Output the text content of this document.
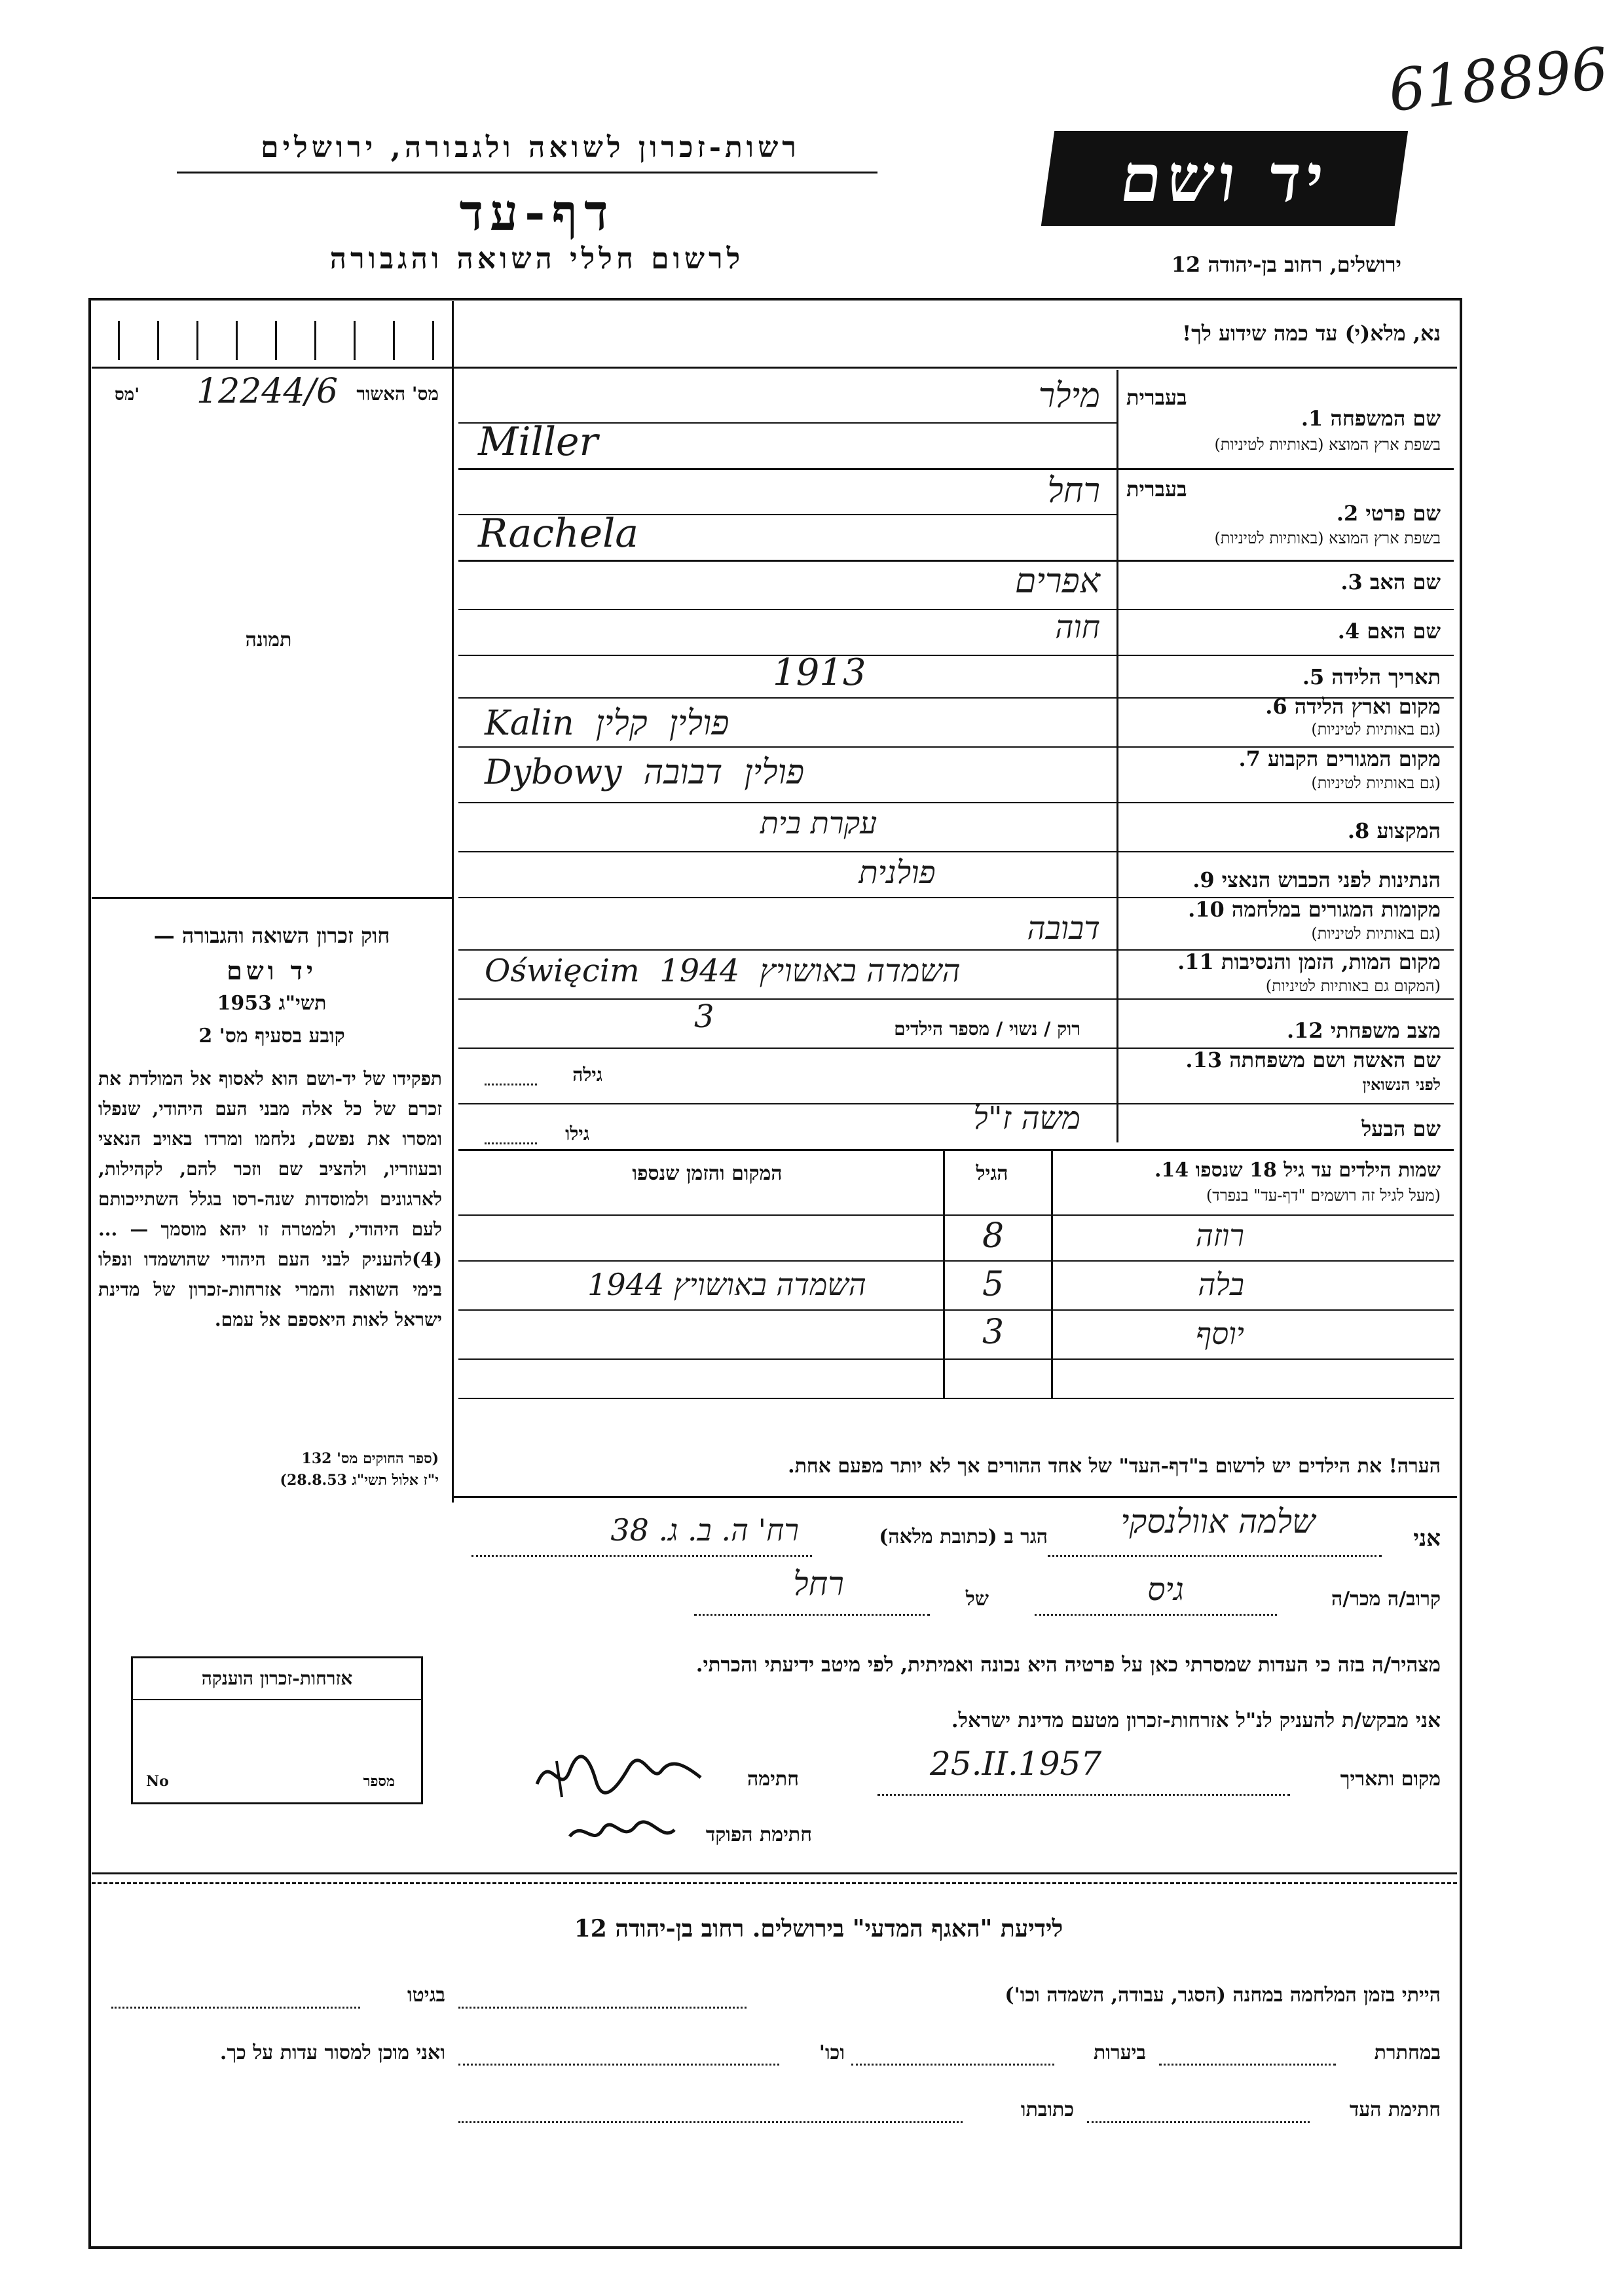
618896
רשות-זכרון לשואה ולגבורה, ירושלים
דף-עד
לרשום חללי השואה והגבורה
יד ושם
ירושלים, רחוב בן-יהודה 12
נא, מלא(י) עד כמה שידוע לך!
מס' האשור
12244/6
מס'
תמונה
שם המשפחה 1.
בשפת ארץ המוצא (באותיות לטיניות)
בעברית
מילר
Miller
בעברית
שם פרטי 2.
בשפת ארץ המוצא (באותיות לטיניות)
רחל
Rachela
שם האב 3.
אפרים
שם האם 4.
חוה
תאריך הלידה 5.
1913
מקום וארץ הלידה 6.
(גם באותיות לטיניות)
Kalin  פולין  קלין
מקום המגורים הקבוע 7.
(גם באותיות לטיניות)
Dybowy  פולין  דבובה
המקצוע 8.
עקרת בית
הנתינות לפני הכבוש הנאצי 9.
פולנית
מקומות המגורים במלחמה 10.
(גם באותיות לטיניות)
דבובה
מקום המות, הזמן והנסיבות 11.
(המקום גם באותיות לטיניות)
Oświęcim  1944  השמדה באושויץ
מצב משפחתי 12.
רוק / נשוי / מספר הילדים
3
שם האשה ושם משפחתה 13.
לפני הנשואין
גילה
שם הבעל
משה ז"ל
גילו
שמות הילדים עד גיל 18 שנספו 14.
(מעל לגיל זה רושמים "דף-עד" בנפרד)
הגיל
המקום והזמן שנספו
רוזה
8
בלה
5
השמדה באושויץ 1944
יוסף
3
הערה! את הילדים יש לרשום ב"דף-העד" של אחד ההורים אך לא יותר מפעם אחת.
חוק זכרון השואה והגבורה —
יד ושם
תשי"ג 1953
קובע בסעיף מס' 2
תפקידו של יד-ושם הוא לאסוף אל המולדת את זכרם של כל אלה מבני העם היהודי, שנפלו ומסרו את נפשם, נלחמו ומרדו באויב הנאצי ובעוזריו, ולהציב שם וזכר להם, לקהילות, לארגונים ולמוסדות שנה-רסו בגלל השתייכותם לעם היהודי, ולמטרה זו יהא מוסמך — ...(4)להעניק לבני העם היהודי שהושמדו ונפלו בימי השואה והמרי אזרחות-זכרון של מדינת ישראל לאות היאספם אל עמם.
(ספר החוקים מס' 132
י"ז אלול תשי"ג 28.8.53)
אזרחות-זכרון הוענקה
מספר
No
אני
שלמה אוולנסקי
הגר ב (כתובת מלאה)
רח' ה. ב. ג. 38
קרוב/ה מכר/ה
גיס
של
רחל
מצהיר/ה בזה כי העדות שמסרתי כאן על פרטיה היא נכונה ואמיתית, לפי מיטב ידיעתי והכרתי.
אני מבקש/ת להעניק לנ"ל אזרחות-זכרון מטעם מדינת ישראל.
מקום ותאריך
25.II.1957
חתימה
חתימת הפוקד
לידיעת "האגף המדעי" בירושלים. רחוב בן-יהודה 12
הייתי בזמן המלחמה במחנה (הסגר, עבודה, השמדה וכו')
בגיטו
במחתרת
ביערות
וכו'
ואני מוכן למסור עדות על כך.
חתימת העד
כתובתו
